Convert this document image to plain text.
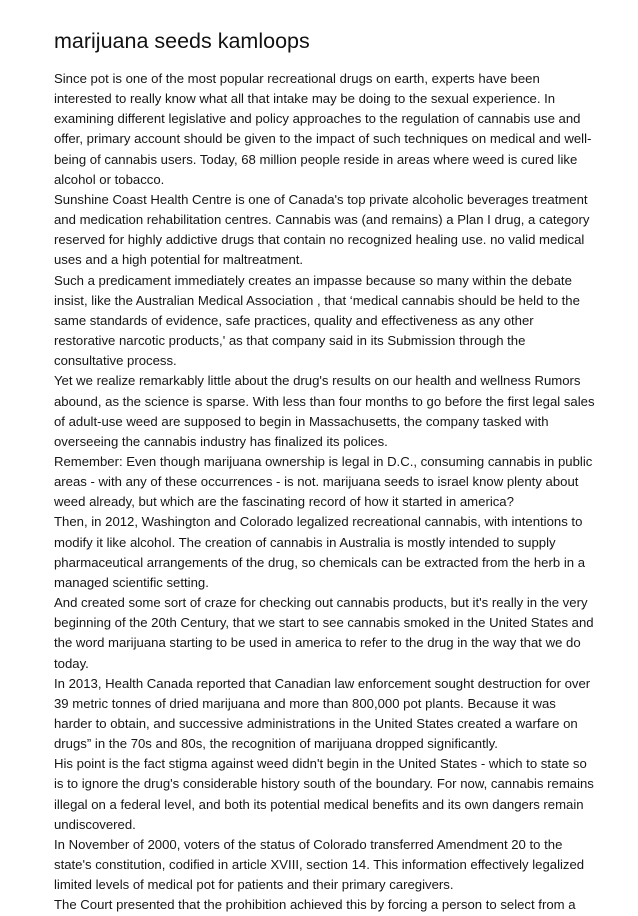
marijuana seeds kamloops

Since pot is one of the most popular recreational drugs on earth, experts have been
interested to really know what all that intake may be doing to the sexual experience. In
examining different legislative and policy approaches to the regulation of cannabis use and
offer, primary account should be given to the impact of such techniques on medical and well-
being of cannabis users. Today, 68 million people reside in areas where weed is cured like
alcohol or tobacco.

Sunshine Coast Health Centre is one of Canada's top private alcoholic beverages treatment
and medication rehabilitation centres. Cannabis was (and remains) a Plan I drug, a category
reserved for highly addictive drugs that contain no recognized healing use. no valid medical
uses and a high potential for maltreatment.

Such a predicament immediately creates an impasse because so many within the debate
insist, like the Australian Medical Association , that ‘medical cannabis should be held to the
same standards of evidence, safe practices, quality and effectiveness as any other
restorative narcotic products,' as that company said in its Submission through the
consultative process.

Yet we realize remarkably little about the drug's results on our health and wellness Rumors
abound, as the science is sparse. With less than four months to go before the first legal sales
of adult-use weed are supposed to begin in Massachusetts, the company tasked with
overseeing the cannabis industry has finalized its polices.

Remember: Even though marijuana ownership is legal in D.C., consuming cannabis in public
areas - with any of these occurrences - is not. marijuana seeds to israel know plenty about
weed already, but which are the fascinating record of how it started in america?

Then, in 2012, Washington and Colorado legalized recreational cannabis, with intentions to
modify it like alcohol. The creation of cannabis in Australia is mostly intended to supply
pharmaceutical arrangements of the drug, so chemicals can be extracted from the herb in a
managed scientific setting.

And created some sort of craze for checking out cannabis products, but it's really in the very
beginning of the 20th Century, that we start to see cannabis smoked in the United States and
the word marijuana starting to be used in america to refer to the drug in the way that we do
today.

In 2013, Health Canada reported that Canadian law enforcement sought destruction for over
39 metric tonnes of dried marijuana and more than 800,000 pot plants. Because it was
harder to obtain, and successive administrations in the United States created a warfare on
drugs” in the 70s and 80s, the recognition of marijuana dropped significantly.

His point is the fact stigma against weed didn't begin in the United States - which to state so
is to ignore the drug's considerable history south of the boundary. For now, cannabis remains
illegal on a federal level, and both its potential medical benefits and its own dangers remain
undiscovered.

In November of 2000, voters of the status of Colorado transferred Amendment 20 to the
state's constitution, codified in article XVIII, section 14. This information effectively legalized
limited levels of medical pot for patients and their primary caregivers.

The Court presented that the prohibition achieved this by forcing a person to select from a
